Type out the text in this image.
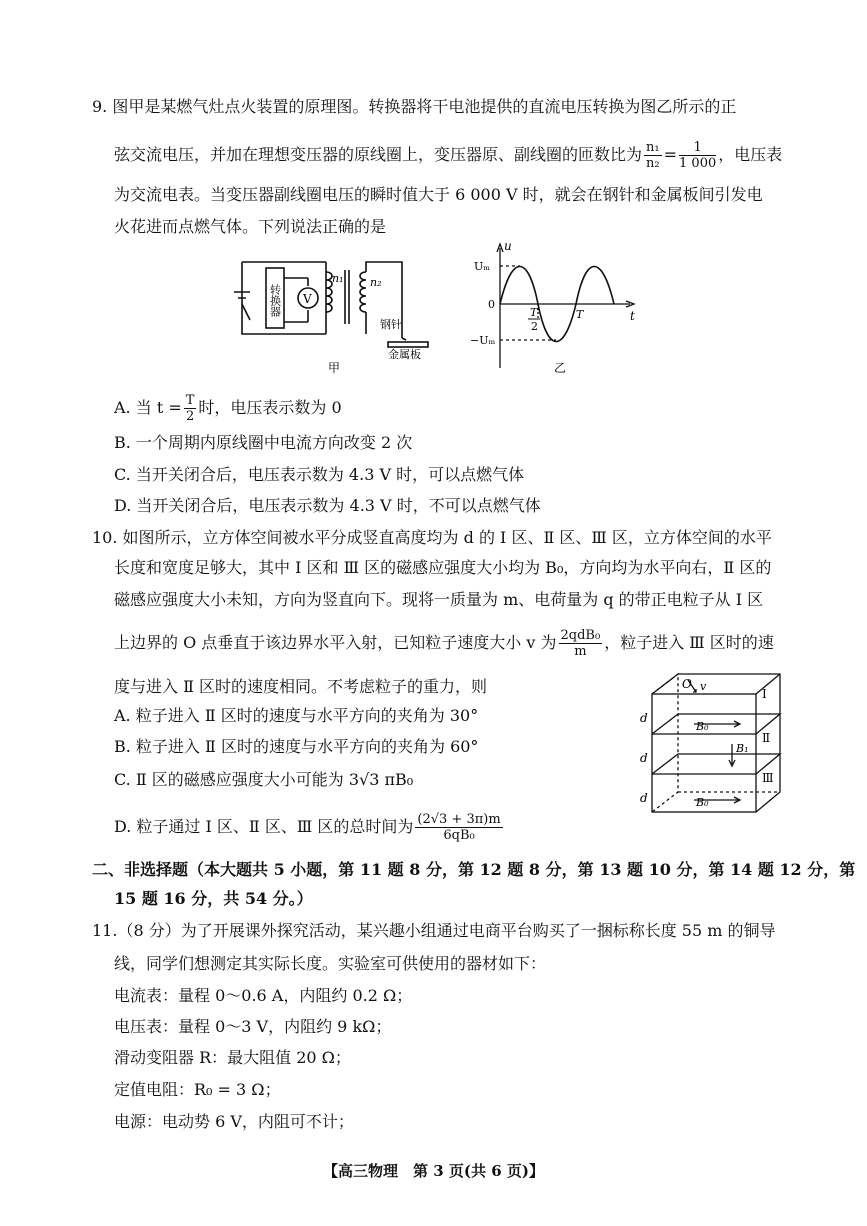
9. 图甲是某燃气灶点火装置的原理图。转换器将干电池提供的直流电压转换为图乙所示的正
弦交流电压，并加在理想变压器的原线圈上，变压器原、副线圈的匝数比为 $\frac{\text{n₁}}{\text{n₂}} = \frac{1}{1 000}$ ，电压表
为交流电表。当变压器副线圈电压的瞬时值大于 6 000 V 时，就会在钢针和金属板间引发电
火花进而点燃气体。下列说法正确的是
转换器 V
n₁ n₂
钢针
金属板
甲
u
t
Uₘ
−Uₘ
0
T
2
T
乙
A. 当 $t = \frac{T}{2}$ 时，电压表示数为 0
B. 一个周期内原线圈中电流方向改变 2 次
C. 当开关闭合后，电压表示数为 4.3 V 时，可以点燃气体
D. 当开关闭合后，电压表示数为 4.3 V 时，不可以点燃气体
10. 如图所示，立方体空间被水平分成竖直高度均为 d 的 Ⅰ 区、Ⅱ 区、Ⅲ 区，立方体空间的水平
长度和宽度足够大，其中 Ⅰ 区和 Ⅲ 区的磁感应强度大小均为 B₀，方向均为水平向右，Ⅱ 区的
磁感应强度大小未知，方向为竖直向下。现将一质量为 m、电荷量为 q 的带正电粒子从 Ⅰ 区
上边界的 O 点垂直于该边界水平入射，已知粒子速度大小 v 为 $\frac{\text{2qdB₀}}{m}$ ，粒子进入 Ⅲ 区时的速
度与进入 Ⅱ 区时的速度相同。不考虑粒子的重力，则
A. 粒子进入 Ⅱ 区时的速度与水平方向的夹角为 30°
B. 粒子进入 Ⅱ 区时的速度与水平方向的夹角为 60°
C. Ⅱ 区的磁感应强度大小可能为 3√3 πB₀
D. 粒子通过 Ⅰ 区、Ⅱ 区、Ⅲ 区的总时间为 $\frac{(2√3 + 3\pi)m}{\text{6qB₀}}$
O v
Ⅰ
Ⅱ
Ⅲ
d
d
d
B₀
B₁
B₀
二、非选择题（本大题共 5 小题，第 11 题 8 分，第 12 题 8 分，第 13 题 10 分，第 14 题 12 分，第
15 题 16 分，共 54 分。）
11.（8 分）为了开展课外探究活动，某兴趣小组通过电商平台购买了一捆标称长度 55 m 的铜导
线，同学们想测定其实际长度。实验室可供使用的器材如下：
电流表：量程 0～0.6 A，内阻约 0.2 Ω；
电压表：量程 0～3 V，内阻约 9 kΩ；
滑动变阻器 R：最大阻值 20 Ω；
定值电阻：R₀ = 3 Ω；
电源：电动势 6 V，内阻可不计；
【高三物理　第 3 页(共 6 页)】
